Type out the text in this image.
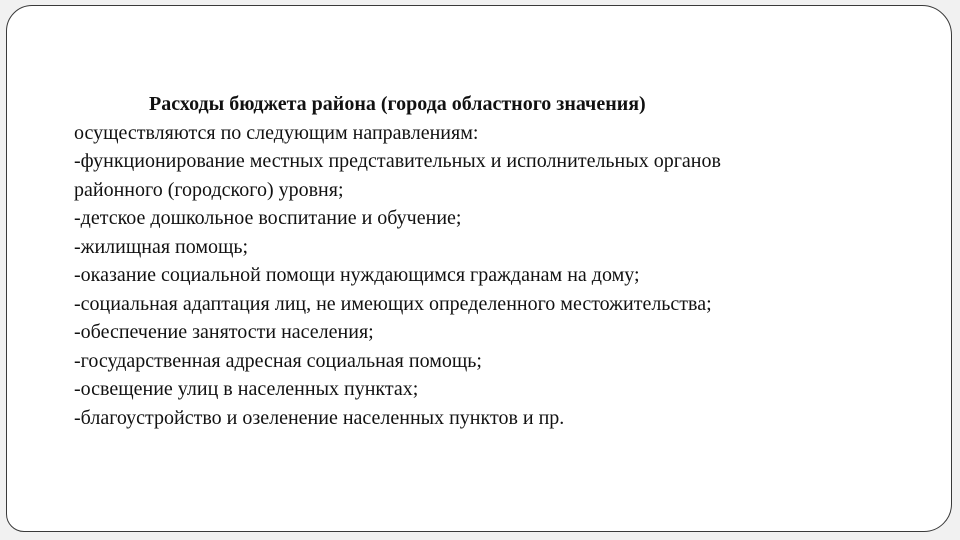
Расходы бюджета района (города областного значения)

осуществляются по следующим направлениям:

-функционирование местных представительных и исполнительных органов

районного (городского) уровня;

-детское дошкольное воспитание и обучение;

-жилищная помощь;

-оказание социальной помощи нуждающимся гражданам на дому;

-социальная адаптация лиц, не имеющих определенного местожительства;

-обеспечение занятости населения;

-государственная адресная социальная помощь;

-освещение улиц в населенных пунктах;

-благоустройство и озеленение населенных пунктов и пр.
